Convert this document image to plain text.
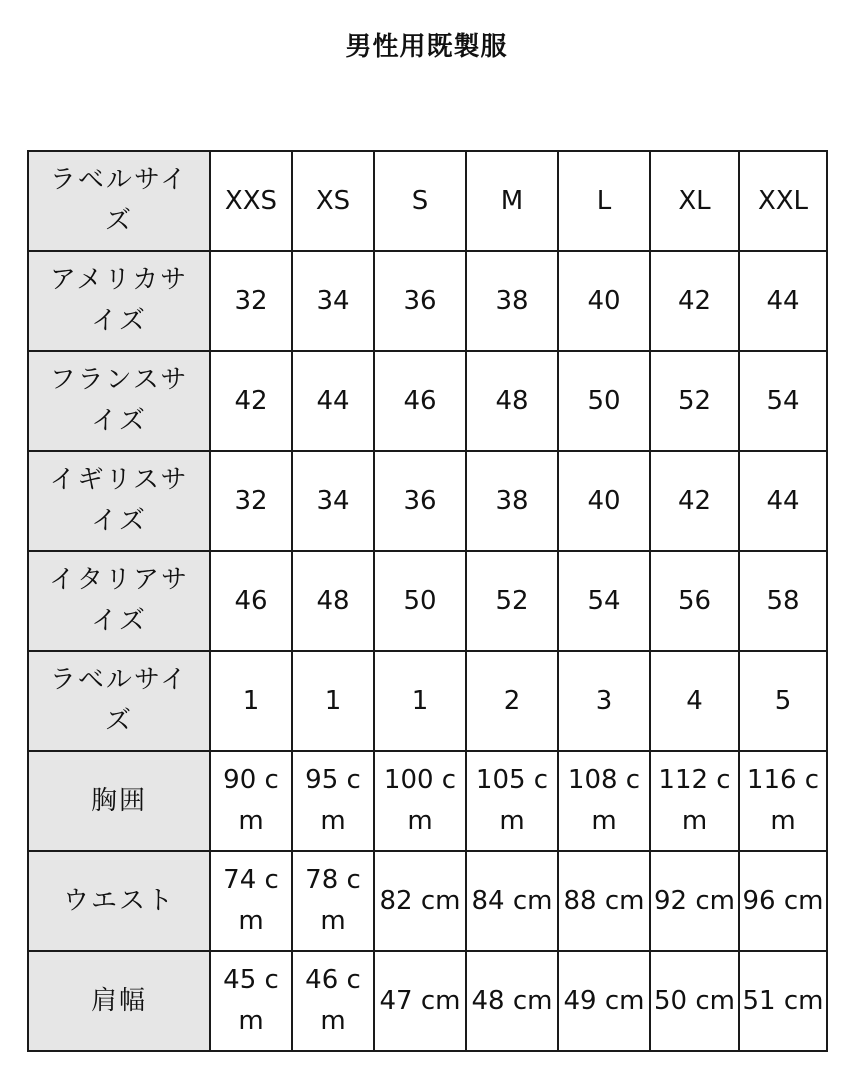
男性用既製服
ラベルサイズ	XXS	XS	S	M	L	XL	XXL
アメリカサイズ	32	34	36	38	40	42	44
フランスサイズ	42	44	46	48	50	52	54
イギリスサイズ	32	34	36	38	40	42	44
イタリアサイズ	46	48	50	52	54	56	58
ラベルサイズ	1	1	1	2	3	4	5
胸囲	90 cm	95 cm	100 cm	105 cm	108 cm	112 cm	116 cm
ウエスト	74 cm	78 cm	82 cm	84 cm	88 cm	92 cm	96 cm
肩幅	45 cm	46 cm	47 cm	48 cm	49 cm	50 cm	51 cm
